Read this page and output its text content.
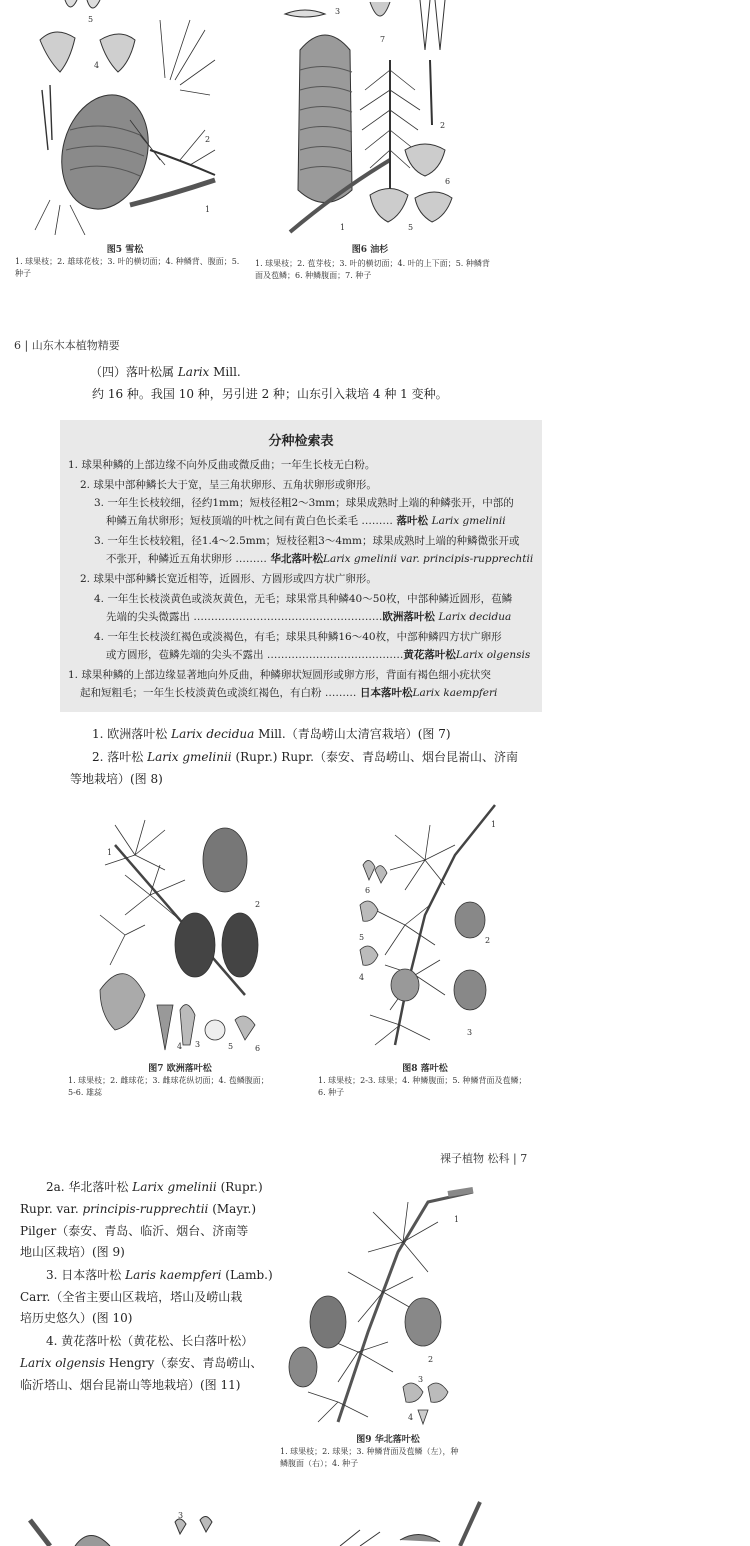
5
4
2
1
3
7
2
6
1	5
图5 雪松
1. 球果枝；2. 雄球花枝；3. 叶的横切面；4. 种鳞背、腹面；5. 种子
图6 油杉
1. 球果枝；2. 苞芽枝；3. 叶的横切面；4. 叶的上下面；5. 种鳞背面及苞鳞；6. 种鳞腹面；7. 种子
6 | 山东木本植物精要
（四）落叶松属 Larix Mill.
约 16 种。我国 10 种，另引进 2 种；山东引入栽培 4 种 1 变种。
分种检索表
1. 球果种鳞的上部边缘不向外反曲或微反曲；一年生长枝无白粉。
2. 球果中部种鳞长大于宽，呈三角状卵形、五角状卵形或卵形。
3. 一年生长枝较细，径约1mm；短枝径粗2～3mm；球果成熟时上端的种鳞张开，中部的
种鳞五角状卵形；短枝顶端的叶枕之间有黄白色长柔毛 ……… 落叶松 Larix gmelinii
3. 一年生长枝较粗，径1.4～2.5mm；短枝径粗3～4mm；球果成熟时上端的种鳞微张开或
不张开，种鳞近五角状卵形 ……… 华北落叶松Larix gmelinii var. principis-rupprechtii
2. 球果中部种鳞长宽近相等，近圆形、方圆形或四方状广卵形。
4. 一年生长枝淡黄色或淡灰黄色，无毛；球果常具种鳞40～50枚，中部种鳞近圆形，苞鳞
先端的尖头微露出 ………………………………………………欧洲落叶松 Larix decidua
4. 一年生长枝淡红褐色或淡褐色，有毛；球果具种鳞16～40枚，中部种鳞四方状广卵形
或方圆形，苞鳞先端的尖头不露出 …………………………………黄花落叶松Larix olgensis
1. 球果种鳞的上部边缘显著地向外反曲，种鳞卵状短圆形或卵方形，背面有褐色细小疣状突
起和短粗毛；一年生长枝淡黄色或淡红褐色，有白粉 ……… 日本落叶松Larix kaempferi
1. 欧洲落叶松 Larix decidua Mill.（青岛崂山太清宫栽培）(图 7)
2. 落叶松 Larix gmelinii (Rupr.) Rupr.（泰安、青岛崂山、烟台昆嵛山、济南
等地栽培）(图 8)
1
2
3
4	5	6
图7 欧洲落叶松
1. 球果枝；2. 雌球花；3. 雌球花纵切面；4. 苞鳞腹面；
5-6. 雄蕊
1
6
5	2
4
3
图8 落叶松
1. 球果枝；2-3. 球果；4. 种鳞腹面；5. 种鳞背面及苞鳞；
6. 种子
裸子植物 松科 | 7
2a. 华北落叶松 Larix gmelinii (Rupr.)
Rupr. var. principis-rupprechtii (Mayr.)
Pilger（泰安、青岛、临沂、烟台、济南等
地山区栽培）(图 9)
3. 日本落叶松 Laris kaempferi (Lamb.)
Carr.（全省主要山区栽培，塔山及崂山栽
培历史悠久）(图 10)
4. 黄花落叶松（黄花松、长白落叶松）
Larix olgensis Hengry（泰安、青岛崂山、
临沂塔山、烟台昆嵛山等地栽培）(图 11)
1
2
3
4
图9 华北落叶松
1. 球果枝；2. 球果；3. 种鳞背面及苞鳞（左），种
鳞腹面（右）；4. 种子
3
